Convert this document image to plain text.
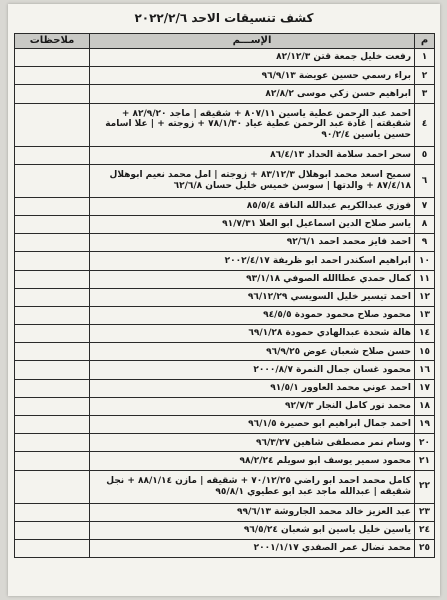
كشف تنسيقات الاحد ٢٠٢٢/٢/٦
م	الإســـم	ملاحظات
١	رفعت خليل جمعة قتن ٨٢/١٢/٣	
٢	براء رسمي حسين عويضة ٩٦/٩/١٣	
٣	ابراهيم حسن زكي موسى ٨٢/٨/٢	
٤	احمد عبد الرحمن عطية ياسين ٨٠٧/١١ + شقيقه | ماجد ٨٢/٩/٢٠ + شقيقته | غادة عبد الرحمن عطية عياد ٧٨/١/٣٠ + زوجته + | علا اسامة حسين ياسين ٩٠/٢/٤	
٥	سحر احمد سلامة الحداد ٨٦/٤/١٣	
٦	سميح اسعد محمد ابوهلال ٨٣/١٢/٣ + زوجته | امل محمد نعيم ابوهلال ٨٧/٤/١٨ + والدتها | سوسن خميس خليل حسان ٦٢/٦/٨	
٧	فوزي عبدالكريم عبدالله الناقة ٨٥/٥/٤	
٨	ياسر صلاح الدين اسماعيل ابو العلا ٩١/٧/٣١	
٩	احمد فايز محمد احمد ٩٢/٦/١	
١٠	ابراهيم اسكندر احمد ابو ظريفة ٢٠٠٢/٤/١٧	
١١	كمال حمدي عطاالله الصوفي ٩٣/١/١٨	
١٢	احمد تيسير خليل السويسي ٩٦/١٢/٢٩	
١٣	محمود صلاح محمود حمودة ٩٤/٥/٥	
١٤	هالة شحدة عبدالهادي حمودة ٦٩/١/٢٨	
١٥	حسن صلاح شعبان عوض ٩٦/٩/٢٥	
١٦	محمود غسان جمال النمرة ٢٠٠٠/٨/٧	
١٧	احمد عوني محمد العاوور ٩١/٥/١	
١٨	محمد نور كامل النجار ٩٢/٧/٣	
١٩	احمد جمال ابراهيم ابو حصيرة ٩٦/١/٥	
٢٠	وسام نمر مصطفى شاهين ٩٦/٣/٢٧	
٢١	محمود سمير يوسف ابو سويلم ٩٨/٢/٢٤	
٢٢	كامل محمد احمد ابو راضي ٧٠/١٢/٢٥ + شقيقه | مازن ٨٨/١/١٤ + نجل شقيقه | عبدالله ماجد عبد ابو عطيوي ٩٥/٨/١	
٢٣	عبد العزيز خالد محمد الجاروشة ٩٩/٦/١٣	
٢٤	ياسين خليل ياسين ابو شعبان ٩٦/٥/٢٤	
٢٥	محمد نضال عمر الصفدي ٢٠٠١/١/١٧	
